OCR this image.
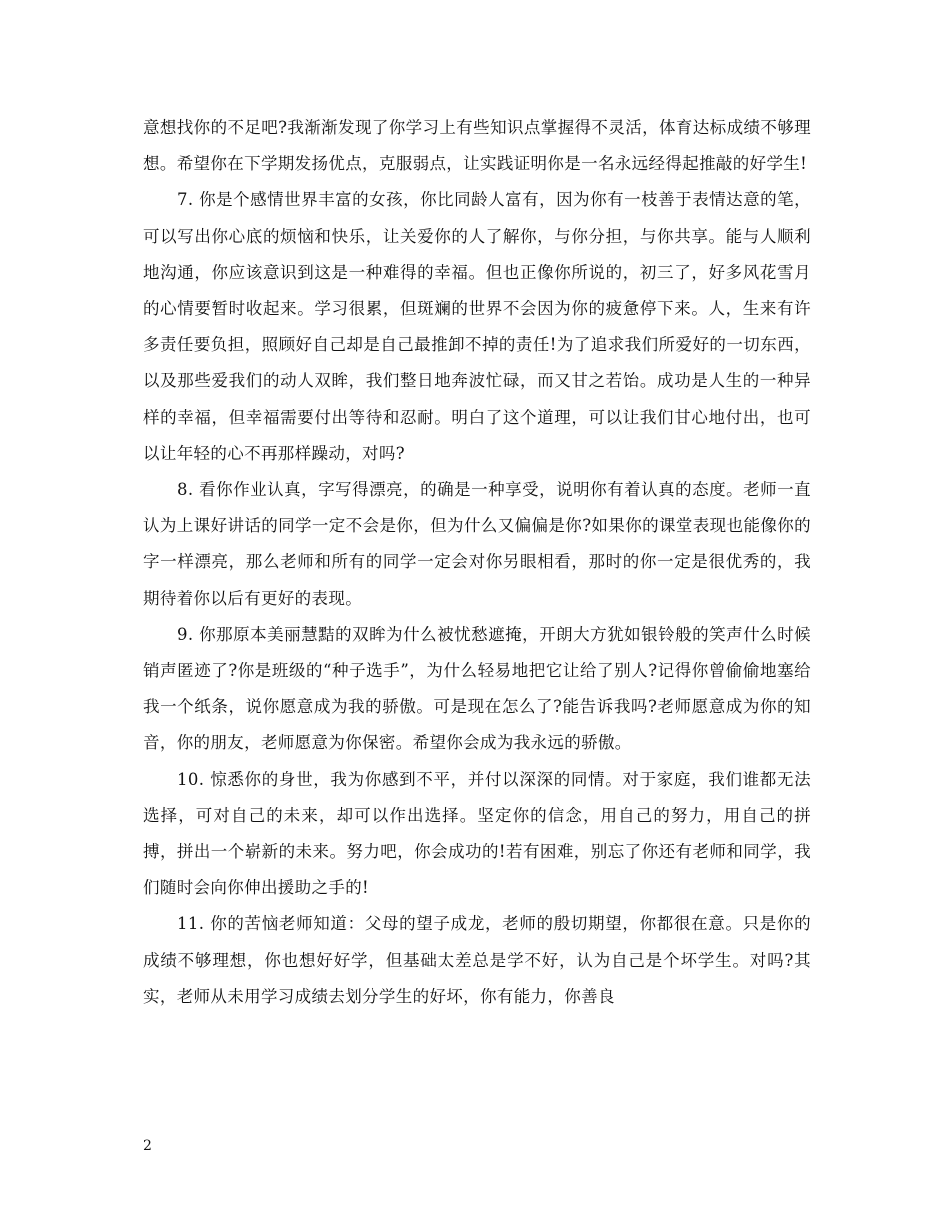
意想找你的不足吧?我渐渐发现了你学习上有些知识点掌握得不灵活，体育达标成绩不够理想。希望你在下学期发扬优点，克服弱点，让实践证明你是一名永远经得起推敲的好学生!

7. 你是个感情世界丰富的女孩，你比同龄人富有，因为你有一枝善于表情达意的笔，可以写出你心底的烦恼和快乐，让关爱你的人了解你，与你分担，与你共享。能与人顺利地沟通，你应该意识到这是一种难得的幸福。但也正像你所说的，初三了，好多风花雪月的心情要暂时收起来。学习很累，但斑斓的世界不会因为你的疲惫停下来。人，生来有许多责任要负担，照顾好自己却是自己最推卸不掉的责任!为了追求我们所爱好的一切东西，以及那些爱我们的动人双眸，我们整日地奔波忙碌，而又甘之若饴。成功是人生的一种异样的幸福，但幸福需要付出等待和忍耐。明白了这个道理，可以让我们甘心地付出，也可以让年轻的心不再那样躁动，对吗?

8. 看你作业认真，字写得漂亮，的确是一种享受，说明你有着认真的态度。老师一直认为上课好讲话的同学一定不会是你，但为什么又偏偏是你?如果你的课堂表现也能像你的字一样漂亮，那么老师和所有的同学一定会对你另眼相看，那时的你一定是很优秀的，我期待着你以后有更好的表现。

9. 你那原本美丽慧黠的双眸为什么被忧愁遮掩，开朗大方犹如银铃般的笑声什么时候销声匿迹了?你是班级的“种子选手”，为什么轻易地把它让给了别人?记得你曾偷偷地塞给我一个纸条，说你愿意成为我的骄傲。可是现在怎么了?能告诉我吗?老师愿意成为你的知音，你的朋友，老师愿意为你保密。希望你会成为我永远的骄傲。

10. 惊悉你的身世，我为你感到不平，并付以深深的同情。对于家庭，我们谁都无法选择，可对自己的未来，却可以作出选择。坚定你的信念，用自己的努力，用自己的拼搏，拼出一个崭新的未来。努力吧，你会成功的!若有困难，别忘了你还有老师和同学，我们随时会向你伸出援助之手的!

11. 你的苦恼老师知道：父母的望子成龙，老师的殷切期望，你都很在意。只是你的成绩不够理想，你也想好好学，但基础太差总是学不好，认为自己是个坏学生。对吗?其实，老师从未用学习成绩去划分学生的好坏，你有能力，你善良

2
